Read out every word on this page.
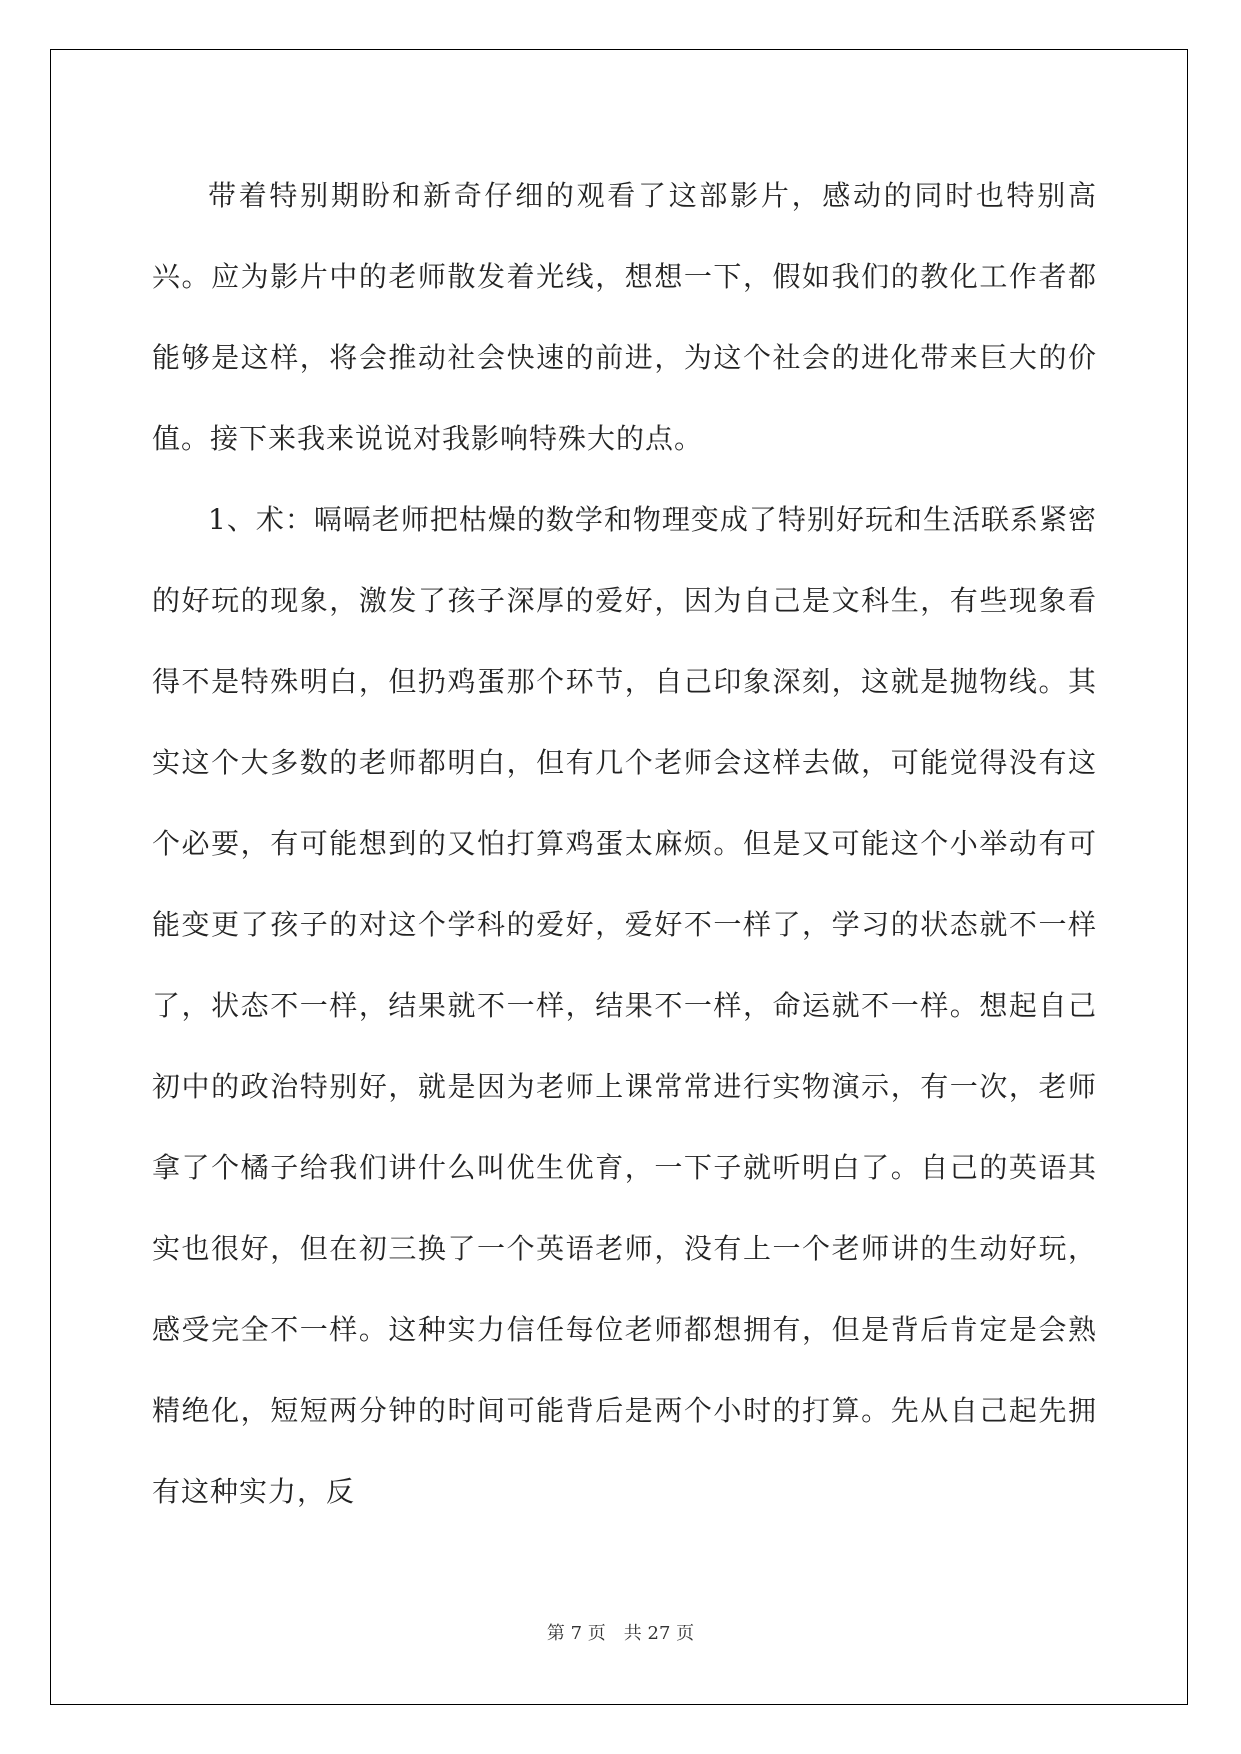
带着特别期盼和新奇仔细的观看了这部影片，感动的同时也特别高兴。应为影片中的老师散发着光线，想想一下，假如我们的教化工作者都能够是这样，将会推动社会快速的前进，为这个社会的进化带来巨大的价值。接下来我来说说对我影响特殊大的点。

1、术：嗝嗝老师把枯燥的数学和物理变成了特别好玩和生活联系紧密的好玩的现象，激发了孩子深厚的爱好，因为自己是文科生，有些现象看得不是特殊明白，但扔鸡蛋那个环节，自己印象深刻，这就是抛物线。其实这个大多数的老师都明白，但有几个老师会这样去做，可能觉得没有这个必要，有可能想到的又怕打算鸡蛋太麻烦。但是又可能这个小举动有可能变更了孩子的对这个学科的爱好，爱好不一样了，学习的状态就不一样了，状态不一样，结果就不一样，结果不一样，命运就不一样。想起自己初中的政治特别好，就是因为老师上课常常进行实物演示，有一次，老师拿了个橘子给我们讲什么叫优生优育，一下子就听明白了。自己的英语其实也很好，但在初三换了一个英语老师，没有上一个老师讲的生动好玩，感受完全不一样。这种实力信任每位老师都想拥有，但是背后肯定是会熟精绝化，短短两分钟的时间可能背后是两个小时的打算。先从自己起先拥有这种实力，反

第 7 页　共 27 页
